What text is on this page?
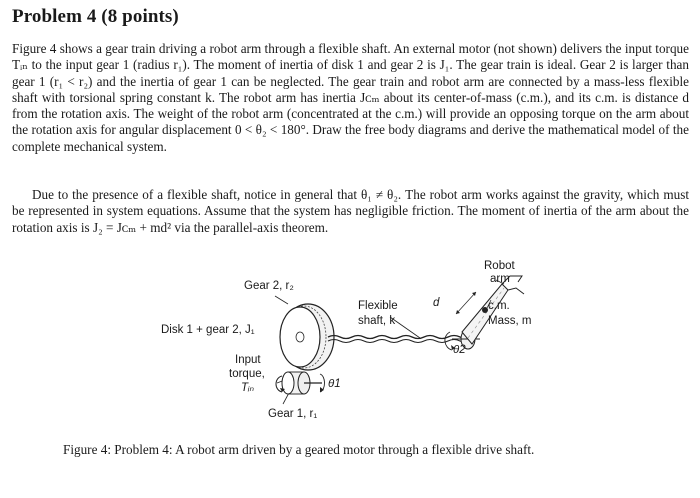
Problem 4 (8 points)

Figure 4 shows a gear train driving a robot arm through a flexible shaft. An external motor (not shown) delivers the input torque Tᵢₙ to the input gear 1 (radius r₁). The moment of inertia of disk 1 and gear 2 is J₁. The gear train is ideal. Gear 2 is larger than gear 1 (r₁ < r₂) and the inertia of gear 1 can be neglected. The gear train and robot arm are connected by a mass-less flexible shaft with torsional spring constant k. The robot arm has inertia Jᴄₘ about its center-of-mass (c.m.), and its c.m. is distance d from the rotation axis. The weight of the robot arm (concentrated at the c.m.) will provide an opposing torque on the arm about the rotation axis for angular displacement 0 < θ₂ < 180°. Draw the free body diagrams and derive the mathematical model of the complete mechanical system.

Due to the presence of a flexible shaft, notice in general that θ₁ ≠ θ₂. The robot arm works against the gravity, which must be represented in system equations. Assume that the system has negligible friction. The moment of inertia of the arm about the rotation axis is J₂ = Jᴄₘ + md² via the parallel-axis theorem.

Gear 2, r₂
Disk 1 + gear 2, J₁
Input
torque,
Tᵢₙ	θ1
Gear 1, r₁
Flexible
shaft, k
d
θ2
Robot
arm
c.m.
Mass, m
Figure 4: Problem 4: A robot arm driven by a geared motor through a flexible drive shaft.
